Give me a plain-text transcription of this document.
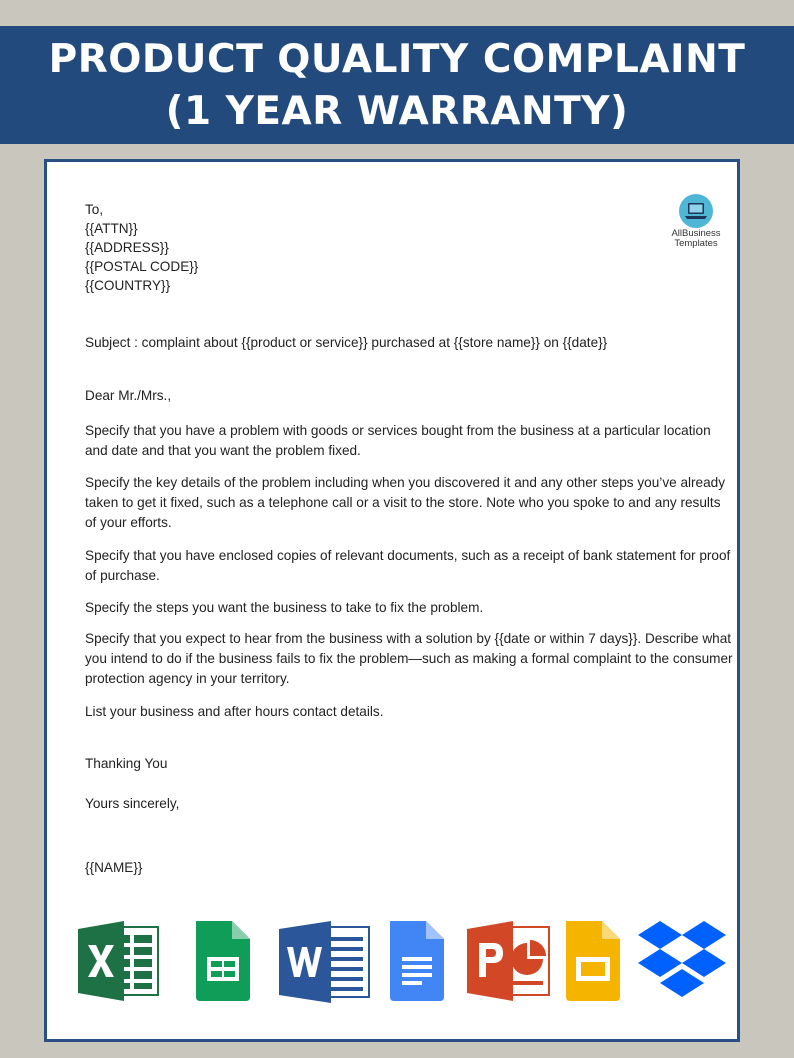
PRODUCT QUALITY COMPLAINT
(1 YEAR WARRANTY)
AllBusiness
Templates
To,
{{ATTN}}
{{ADDRESS}}
{{POSTAL CODE}}
{{COUNTRY}}
Subject : complaint about {{product or service}} purchased at {{store name}} on {{date}}
Dear Mr./Mrs.,
Specify that you have a problem with goods or services bought from the business at a particular location and date and that you want the problem fixed.
Specify the key details of the problem including when you discovered it and any other steps you’ve already taken to get it fixed, such as a telephone call or a visit to the store. Note who you spoke to and any results of your efforts.
Specify that you have enclosed copies of relevant documents, such as a receipt of bank statement for proof of purchase.
Specify the steps you want the business to take to fix the problem.
Specify that you expect to hear from the business with a solution by {{date or within 7 days}}. Describe what you intend to do if the business fails to fix the problem—such as making a formal complaint to the consumer protection agency in your territory.
List your business and after hours contact details.
Thanking You
Yours sincerely,
{{NAME}}
